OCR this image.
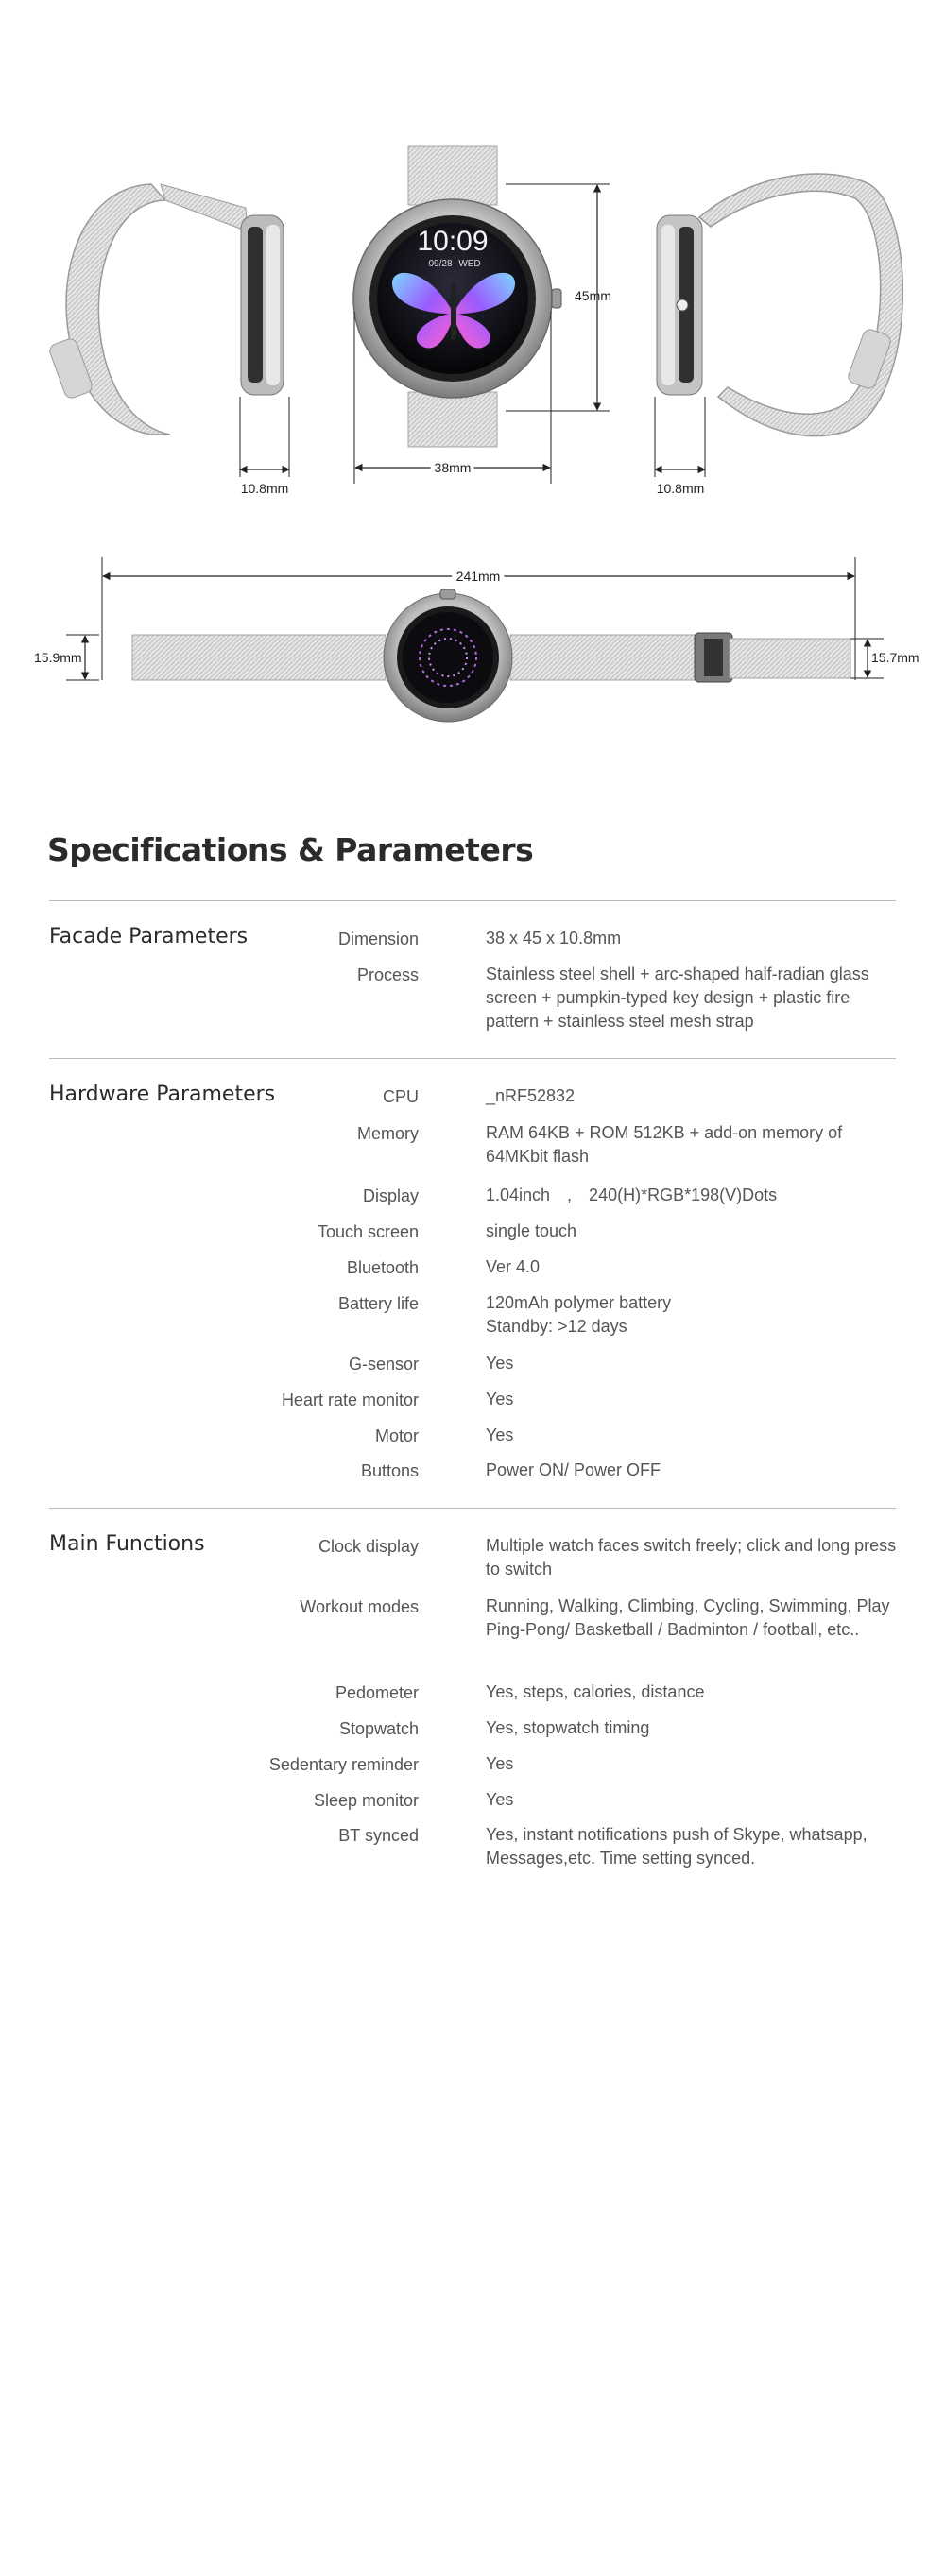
10.8mm
10:09
09/28 WED
45mm
38mm
10.8mm
241mm
15.9mm	15.7mm
Specifications & Parameters
Facade Parameters	Dimension	38 x 45 x 10.8mm
Process	Stainless steel shell + arc-shaped half-radian glass screen + pumpkin-typed key design + plastic fire pattern + stainless steel mesh strap
Hardware Parameters	CPU	_nRF52832
Memory	RAM 64KB + ROM 512KB + add-on memory of 64MKbit flash
Display	1.04inch　,　240(H)*RGB*198(V)Dots
Touch screen	single touch
Bluetooth	Ver 4.0
Battery life	120mAh polymer battery
Standby: >12 days
G-sensor	Yes
Heart rate monitor	Yes
Motor	Yes
Buttons	Power ON/ Power OFF
Main Functions	Clock display	Multiple watch faces switch freely; click and long press to switch
Workout modes	Running, Walking, Climbing, Cycling, Swimming, Play Ping-Pong/ Basketball / Badminton / football, etc..
Pedometer	Yes, steps, calories, distance
Stopwatch	Yes, stopwatch timing
Sedentary reminder	Yes
Sleep monitor	Yes
BT synced	Yes, instant notifications push of Skype, whatsapp, Messages,etc. Time setting synced.
